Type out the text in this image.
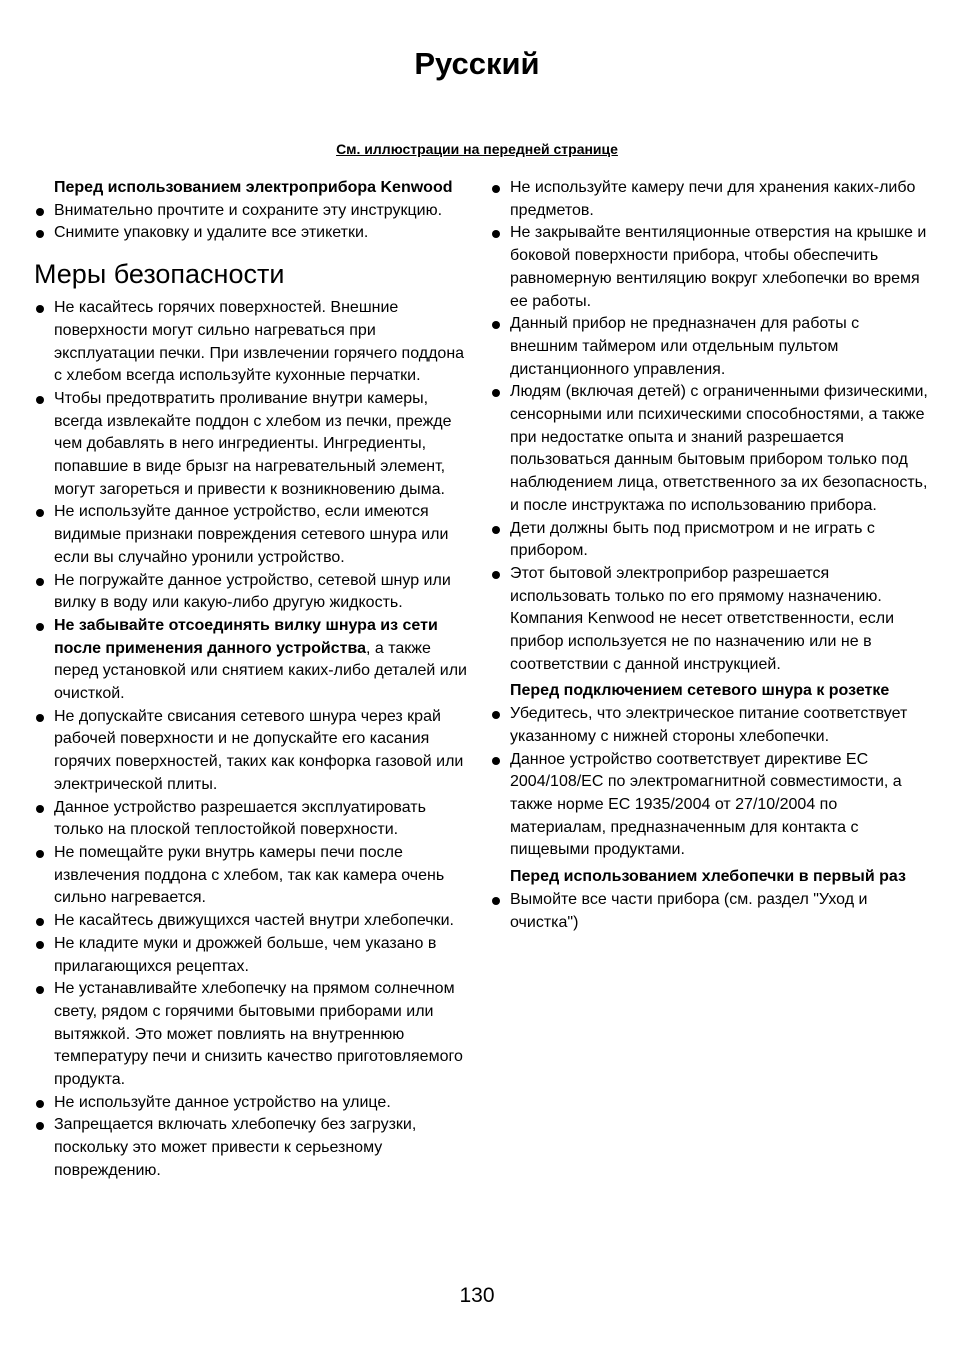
Русский
См. иллюстрации на передней странице
Перед использованием электроприбора Kenwood
Внимательно прочтите и сохраните эту инструкцию.
Снимите упаковку и удалите все этикетки.
Меры безопасности
Не касайтесь горячих поверхностей. Внешние поверхности могут сильно нагреваться при эксплуатации печки. При извлечении горячего поддона с хлебом всегда используйте кухонные перчатки.
Чтобы предотвратить проливание внутри камеры, всегда извлекайте поддон с хлебом из печки, прежде чем добавлять в него ингредиенты. Ингредиенты, попавшие в виде брызг на нагревательный элемент, могут загореться и привести к возникновению дыма.
Не используйте данное устройство, если имеются видимые признаки повреждения сетевого шнура или если вы случайно уронили устройство.
Не погружайте данное устройство, сетевой шнур или вилку в воду или какую-либо другую жидкость.
Не забывайте отсоединять вилку шнура из сети после применения данного устройства, а также перед установкой или снятием каких-либо деталей или очисткой.
Не допускайте свисания сетевого шнура через край рабочей поверхности и не допускайте его касания горячих поверхностей, таких как конфорка газовой или электрической плиты.
Данное устройство разрешается эксплуатировать только на плоской теплостойкой поверхности.
Не помещайте руки внутрь камеры печи после извлечения поддона с хлебом, так как камера очень сильно нагревается.
Не касайтесь движущихся частей внутри хлебопечки.
Не кладите муки и дрожжей больше, чем указано в прилагающихся рецептах.
Не устанавливайте хлебопечку на прямом солнечном свету, рядом с горячими бытовыми приборами или вытяжкой. Это может повлиять на внутреннюю температуру печи и снизить качество приготовляемого продукта.
Не используйте данное устройство на улице.
Запрещается включать хлебопечку без загрузки, поскольку это может привести к серьезному повреждению.
Не используйте камеру печи для хранения каких-либо предметов.
Не закрывайте вентиляционные отверстия на крышке и боковой поверхности прибора, чтобы обеспечить равномерную вентиляцию вокруг хлебопечки во время ее работы.
Данный прибор не предназначен для работы с внешним таймером или отдельным пультом дистанционного управления.
Людям (включая детей) с ограниченными физическими, сенсорными или психическими способностями, а также при недостатке опыта и знаний разрешается пользоваться данным бытовым прибором только под наблюдением лица, ответственного за их безопасность, и после инструктажа по использованию прибора.
Дети должны быть под присмотром и не играть с прибором.
Этот бытовой электроприбор разрешается использовать только по его прямому назначению. Компания Kenwood не несет ответственности, если прибор используется не по назначению или не в соответствии с данной инструкцией.
Перед подключением сетевого шнура к розетке
Убедитесь, что электрическое питание соответствует указанному с нижней стороны хлебопечки.
Данное устройство соответствует директиве ЕС 2004/108/EC по электромагнитной совместимости, а также норме ЕС 1935/2004 от 27/10/2004 по материалам, предназначенным для контакта с пищевыми продуктами.
Перед использованием хлебопечки в первый раз
Вымойте все части прибора (см. раздел "Уход и очистка")
130
